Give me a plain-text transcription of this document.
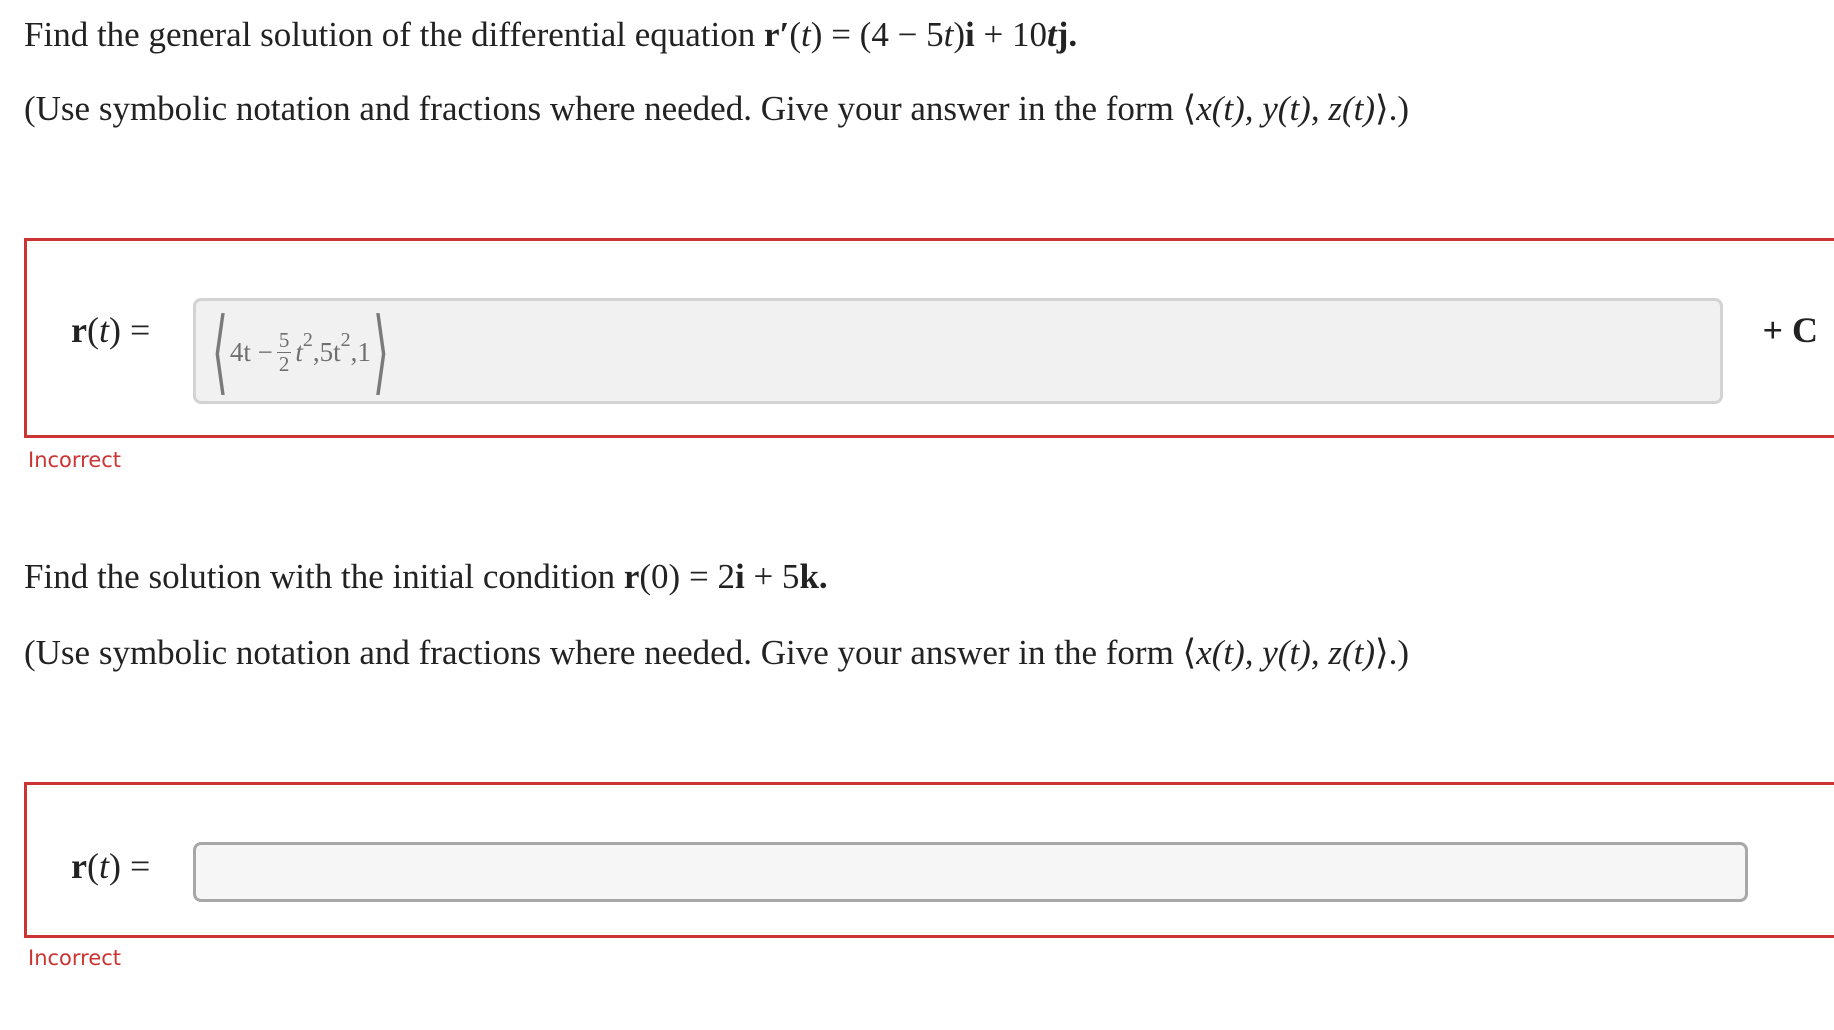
Find the general solution of the differential equation r′(t) = (4 − 5t)i + 10tj.
(Use symbolic notation and fractions where needed. Give your answer in the form ⟨x(t), y(t), z(t)⟩.)
r(t) = ⟨ $4t - \frac{5}{2}$ t 2 ,5t 2 ,1 ⟩	+ C
Incorrect
Find the solution with the initial condition r(0) = 2i + 5k.
(Use symbolic notation and fractions where needed. Give your answer in the form ⟨x(t), y(t), z(t)⟩.)
r(t) =
Incorrect
